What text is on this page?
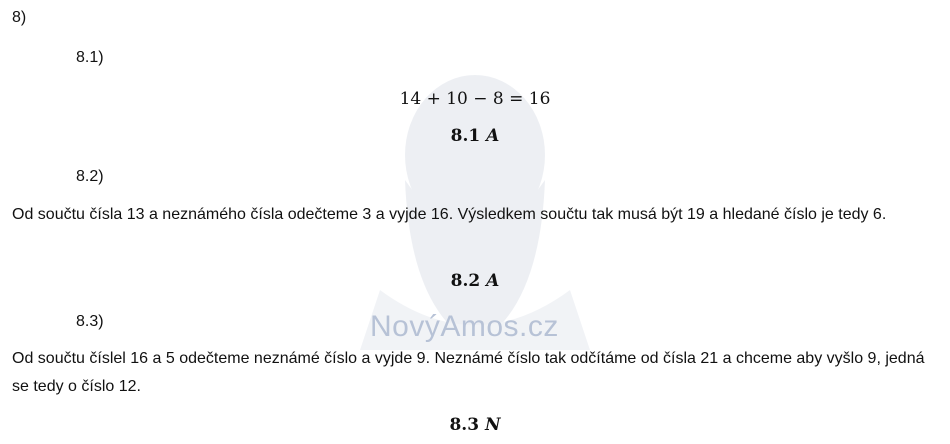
NovýAmos.cz
8)
8.1)
14 + 10 − 8 = 16
8.1 A
8.2)
Od součtu čísla 13 a neznámého čísla odečteme 3 a vyjde 16. Výsledkem součtu tak musá být 19 a hledané číslo je tedy 6.
8.2 A
8.3)
Od součtu číslel 16 a 5 odečteme neznámé číslo a vyjde 9. Neznámé číslo tak odčítáme od čísla 21 a chceme aby vyšlo 9, jedná se tedy o číslo 12.
8.3 N
